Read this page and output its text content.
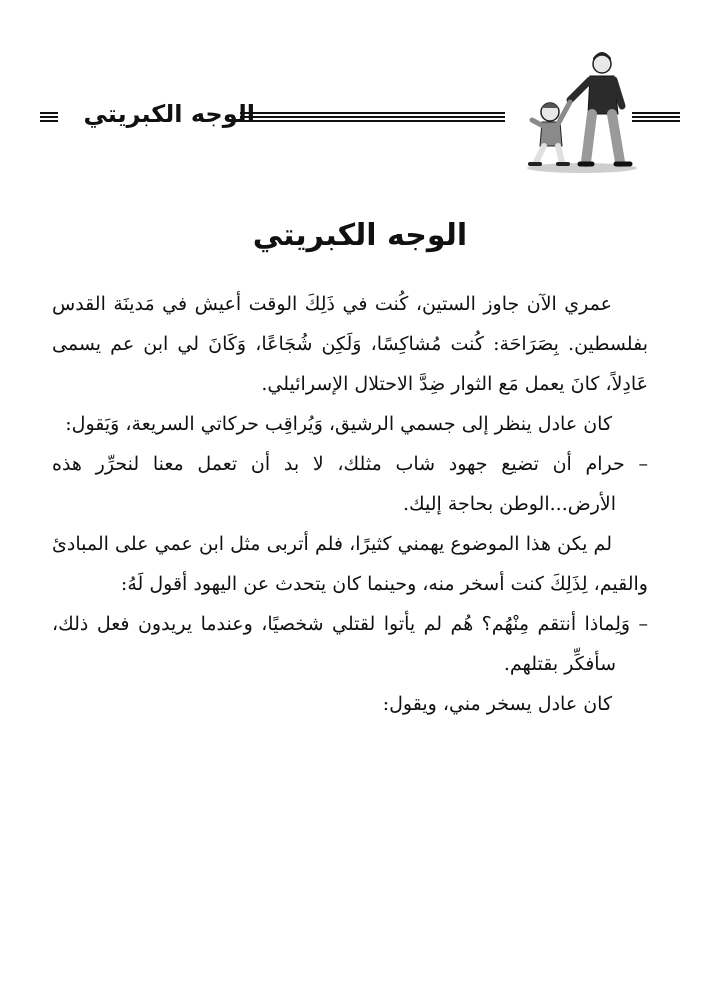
الوجه الكبريتي
الوجه الكبريتي

عمري الآن جاوز الستين، كُنت في ذَلِكَ الوقت أعيش في مَدينَة القدس بفلسطين. بِصَرَاحَة: كُنت مُشاكِسًا، وَلَكِن شُجَاعًا، وَكَانَ لي ابن عم يسمى عَادِلاً، كانَ يعمل مَع الثوار ضِدَّ الاحتلال الإسرائيلي.

كان عادل ينظر إلى جسمي الرشيق، وَيُراقِب حركاتي السريعة، وَيَقول:

– حرام أن تضيع جهود شاب مثلك، لا بد أن تعمل معنا لنحرِّر هذه الأرض...الوطن بحاجة إليك.

لم يكن هذا الموضوع يهمني كثيرًا، فلم أتربى مثل ابن عمي على المبادئ والقيم، لِذَلِكَ كنت أسخر منه، وحينما كان يتحدث عن اليهود أقول لَهُ:

– وَلِماذا أنتقم مِنْهُم؟ هُم لم يأتوا لقتلي شخصيًا، وعندما يريدون فعل ذلك، سأفكِّر بقتلهم.

كان عادل يسخر مني، ويقول:
